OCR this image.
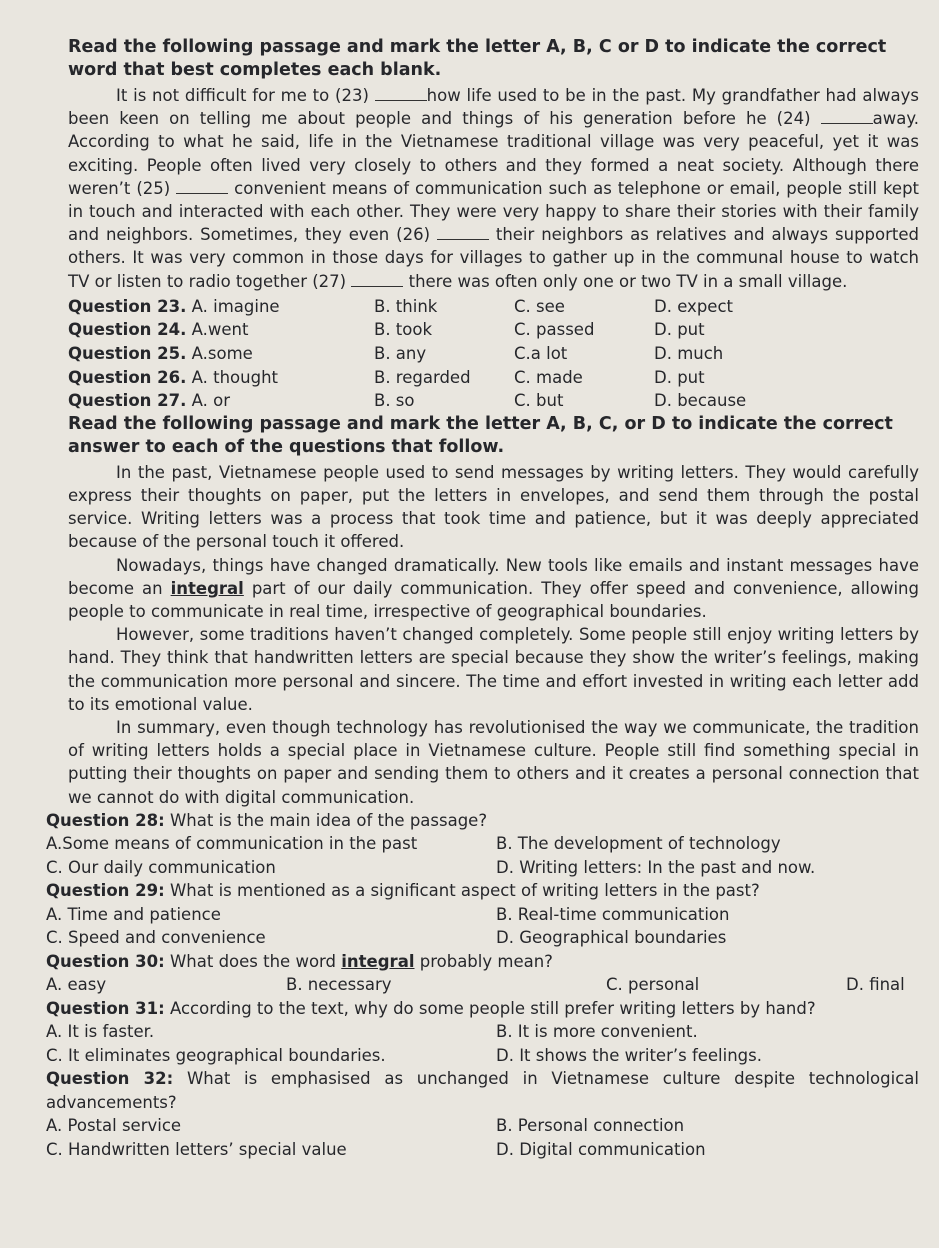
Read the following passage and mark the letter A, B, C or D to indicate the correct word that best completes each blank.

It is not difficult for me to (23)	how life used to be in the past. My grandfather had always been keen on telling me about people and things of his generation before he (24)	away. According to what he said, life in the Vietnamese traditional village was very peaceful, yet it was exciting. People often lived very closely to others and they formed a neat society. Although there weren’t (25)	convenient means of communication such as telephone or email, people still kept in touch and interacted with each other. They were very happy to share their stories with their family and neighbors. Sometimes, they even (26)	their neighbors as relatives and always supported others. It was very common in those days for villages to gather up in the communal house to watch TV or listen to radio together (27)	there was often only one or two TV in a small village.

Question 23. A. imagine	B. think	C. see	D. expect
Question 24. A.went	B. took	C. passed	D. put
Question 25. A.some	B. any	C.a lot	D. much
Question 26. A. thought	B. regarded	C. made	D. put
Question 27. A. or	B. so	C. but	D. because
Read the following passage and mark the letter A, B, C, or D to indicate the correct answer to each of the questions that follow.

In the past, Vietnamese people used to send messages by writing letters. They would carefully express their thoughts on paper, put the letters in envelopes, and send them through the postal service. Writing letters was a process that took time and patience, but it was deeply appreciated because of the personal touch it offered.

Nowadays, things have changed dramatically. New tools like emails and instant messages have become an integral part of our daily communication. They offer speed and convenience, allowing people to communicate in real time, irrespective of geographical boundaries.

However, some traditions haven’t changed completely. Some people still enjoy writing letters by hand. They think that handwritten letters are special because they show the writer’s feelings, making the communication more personal and sincere. The time and effort invested in writing each letter add to its emotional value.

In summary, even though technology has revolutionised the way we communicate, the tradition of writing letters holds a special place in Vietnamese culture. People still find something special in putting their thoughts on paper and sending them to others and it creates a personal connection that we cannot do with digital communication.

Question 28: What is the main idea of the passage?
A.Some means of communication in the past	B. The development of technology
C. Our daily communication	D. Writing letters: In the past and now.
Question 29: What is mentioned as a significant aspect of writing letters in the past?
A. Time and patience	B. Real-time communication
C. Speed and convenience	D. Geographical boundaries
Question 30: What does the word integral probably mean?
A. easy	B. necessary	C. personal	D. final
Question 31: According to the text, why do some people still prefer writing letters by hand?
A. It is faster.	B. It is more convenient.
C. It eliminates geographical boundaries.	D. It shows the writer’s feelings.
Question 32: What is emphasised as unchanged in Vietnamese culture despite technological advancements?
A. Postal service	B. Personal connection
C. Handwritten letters’ special value	D. Digital communication
